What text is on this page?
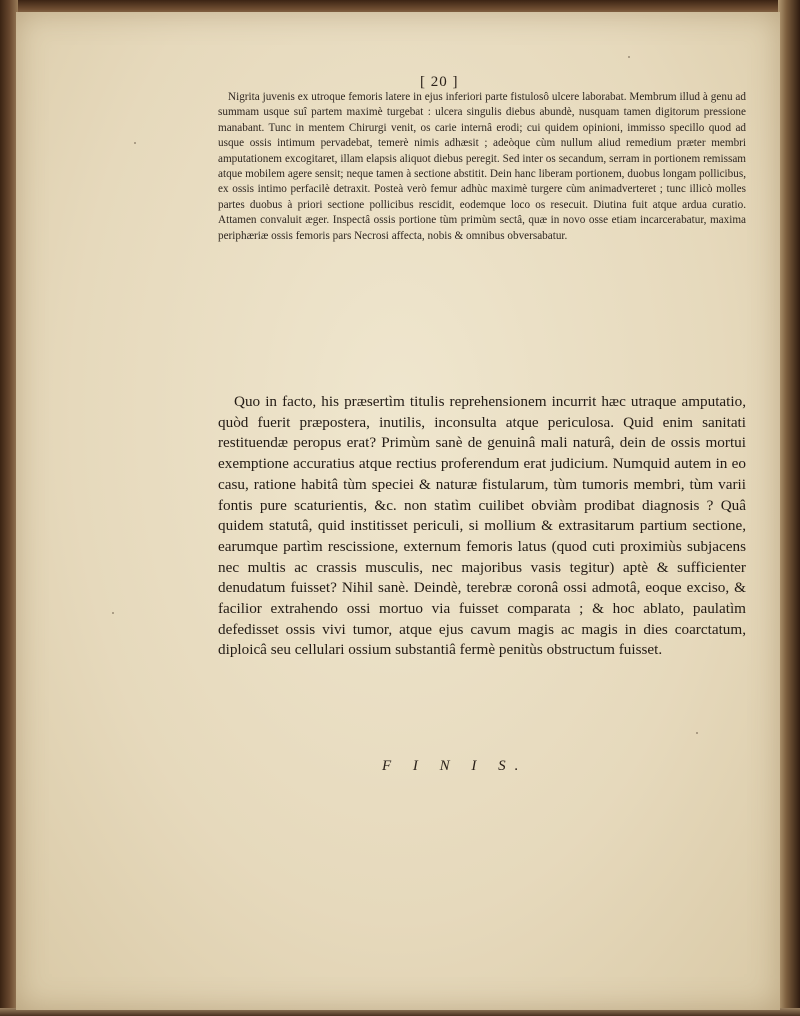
[ 20 ]

Nigrita juvenis ex utroque femoris latere in ejus inferiori parte fistulosô ulcere laborabat. Membrum illud à genu ad summam usque suî partem maximè turgebat : ulcera singulis diebus abundè, nusquam tamen digitorum pressione manabant. Tunc in mentem Chirurgi venit, os carie internâ erodi; cui quidem opinioni, immisso specillo quod ad usque ossis intimum pervadebat, temerè nimis adhæsit ; adeòque cùm nullum aliud remedium præter membri amputationem excogitaret, illam elapsis aliquot diebus peregit. Sed inter os secandum, serram in portionem remissam atque mobilem agere sensit; neque tamen à sectione abstitit. Dein hanc liberam portionem, duobus longam pollicibus, ex ossis intimo perfacilè detraxit. Posteà verò femur adhùc maximè turgere cùm animadverteret ; tunc illicò molles partes duobus à priori sectione pollicibus rescidit, eodemque loco os resecuit. Diutina fuit atque ardua curatio. Attamen convaluit æger. Inspectâ ossis portione tùm primùm sectâ, quæ in novo osse etiam incarcerabatur, maxima periphæriæ ossis femoris pars Necrosi affecta, nobis & omnibus obversabatur.

Quo in facto, his præsertìm titulis reprehensionem incurrit hæc utraque amputatio, quòd fuerit præpostera, inutilis, inconsulta atque periculosa. Quid enim sanitati restituendæ peropus erat? Primùm sanè de genuinâ mali naturâ, dein de ossis mortui exemptione accuratius atque rectius proferendum erat judicium. Numquid autem in eo casu, ratione habitâ tùm speciei & naturæ fistularum, tùm tumoris membri, tùm varii fontis pure scaturientis, &c. non statìm cuilibet obviàm prodibat diagnosis ? Quâ quidem statutâ, quid institisset periculi, si mollium & extrasitarum partium sectione, earumque partìm rescissione, externum femoris latus (quod cuti proximiùs subjacens nec multis ac crassis musculis, nec majoribus vasis tegitur) aptè & sufficienter denudatum fuisset? Nihil sanè. Deindè, terebræ coronâ ossi admotâ, eoque exciso, & facilior extrahendo ossi mortuo via fuisset comparata ; & hoc ablato, paulatìm defedisset ossis vivi tumor, atque ejus cavum magis ac magis in dies coarctatum, diploicâ seu cellulari ossium substantiâ fermè penitùs obstructum fuisset.

F I N I S.
